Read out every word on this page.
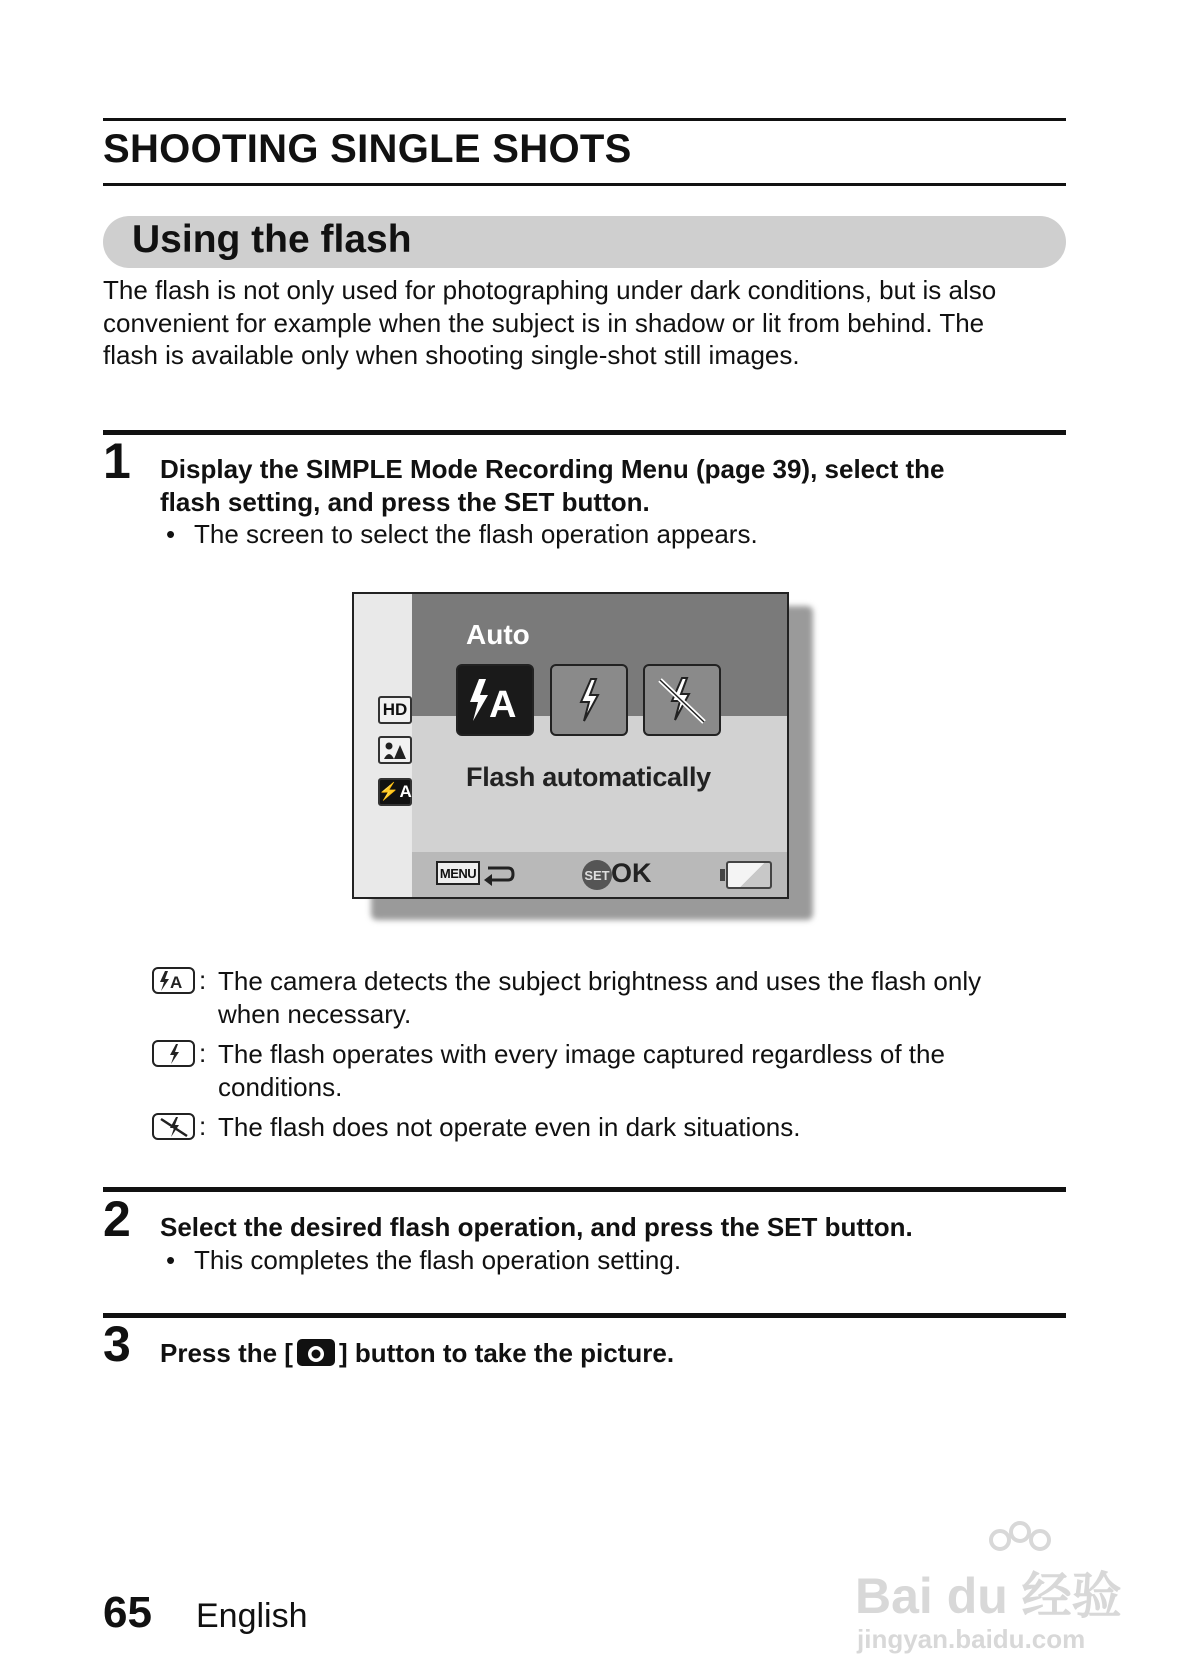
SHOOTING SINGLE SHOTS
Using the flash
The flash is not only used for photographing under dark conditions, but is also
convenient for example when the subject is in shadow or lit from behind. The
flash is available only when shooting single-shot still images.
1 Display the SIMPLE Mode Recording Menu (page 39), select the
flash setting, and press the SET button.
• The screen to select the flash operation appears.
HD
⚡A
Auto
A
Flash automatically
MENU	SET OK
A : The camera detects the subject brightness and uses the flash only
when necessary.
: The flash operates with every image captured regardless of the
conditions.
: The flash does not operate even in dark situations.
2 Select the desired flash operation, and press the SET button.
• This completes the flash operation setting.
3 Press the [ ] button to take the picture.
65 English	Bai du 经验
jingyan.baidu.com
